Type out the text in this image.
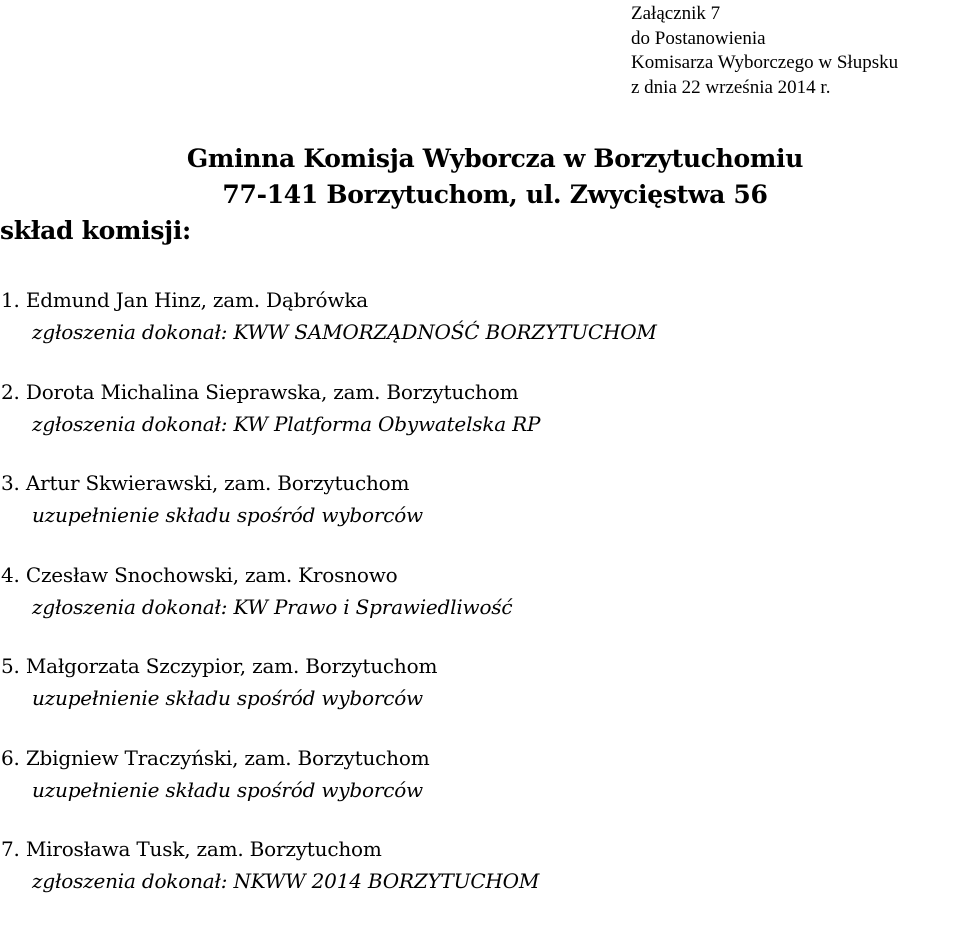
Załącznik 7
do Postanowienia
Komisarza Wyborczego w Słupsku
z dnia 22 września 2014 r.
Gminna Komisja Wyborcza w Borzytuchomiu
77-141 Borzytuchom, ul. Zwycięstwa 56
skład komisji:
1. Edmund Jan Hinz, zam. Dąbrówka
zgłoszenia dokonał: KWW SAMORZĄDNOŚĆ BORZYTUCHOM
2. Dorota Michalina Sieprawska, zam. Borzytuchom
zgłoszenia dokonał: KW Platforma Obywatelska RP
3. Artur Skwierawski, zam. Borzytuchom
uzupełnienie składu spośród wyborców
4. Czesław Snochowski, zam. Krosnowo
zgłoszenia dokonał: KW Prawo i Sprawiedliwość
5. Małgorzata Szczypior, zam. Borzytuchom
uzupełnienie składu spośród wyborców
6. Zbigniew Traczyński, zam. Borzytuchom
uzupełnienie składu spośród wyborców
7. Mirosława Tusk, zam. Borzytuchom
zgłoszenia dokonał: NKWW 2014 BORZYTUCHOM
